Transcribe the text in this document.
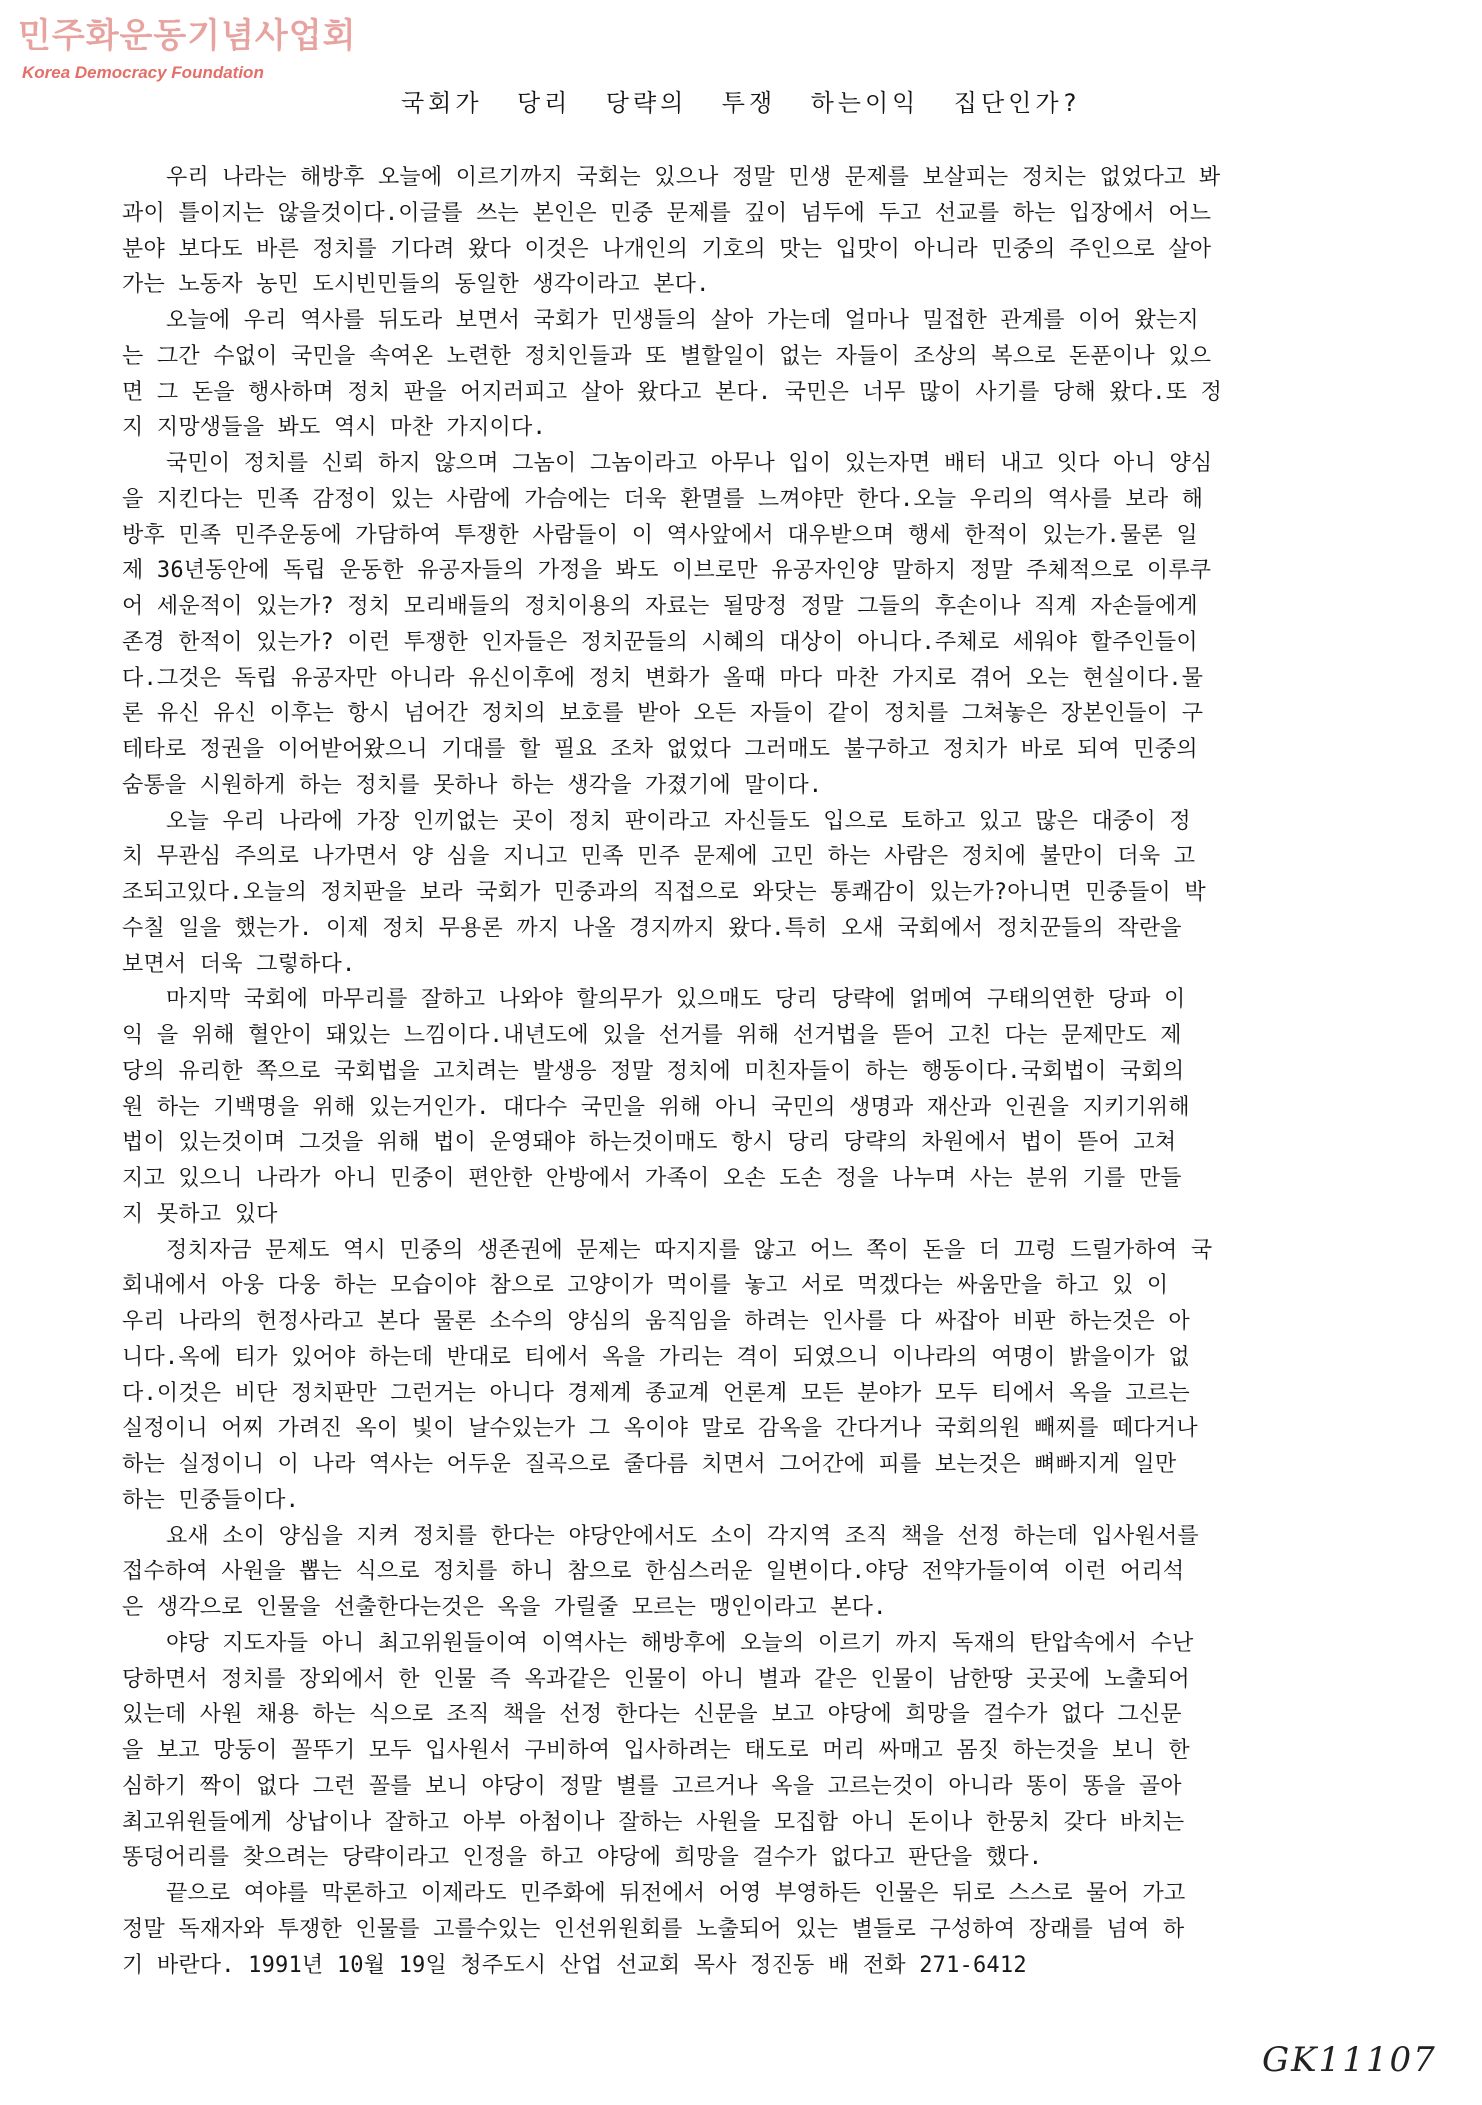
민주화운동기념사업회
Korea Democracy Foundation
국회가 당리 당략의 투쟁 하는이익 집단인가?
우리 나라는 해방후 오늘에 이르기까지 국회는 있으나 정말 민생 문제를 보살피는 정치는 없었다고 봐
과이 틀이지는 않을것이다.이글를 쓰는 본인은 민중 문제를 깊이 넘두에 두고 선교를 하는 입장에서 어느
분야 보다도 바른 정치를 기다려 왔다 이것은 나개인의 기호의 맛는 입맛이 아니라 민중의 주인으로 살아
가는 노동자 농민 도시빈민들의 동일한 생각이라고 본다.
오늘에 우리 역사를 뒤도라 보면서 국회가 민생들의 살아 가는데 얼마나 밀접한 관계를 이어 왔는지
는 그간 수없이 국민을 속여온 노련한 정치인들과 또 별할일이 없는 자들이 조상의 복으로 돈푼이나 있으
면 그 돈을 행사하며 정치 판을 어지러피고 살아 왔다고 본다. 국민은 너무 많이 사기를 당해 왔다.또 정
지 지망생들을 봐도 역시 마찬 가지이다.
국민이 정치를 신뢰 하지 않으며 그놈이 그놈이라고 아무나 입이 있는자면 배터 내고 잇다 아니 양심
을 지킨다는 민족 감정이 있는 사람에 가슴에는 더욱 환멸를 느껴야만 한다.오늘 우리의 역사를 보라 해
방후 민족 민주운동에 가담하여 투쟁한 사람들이 이 역사앞에서 대우받으며 행세 한적이 있는가.물론 일
제 36년동안에 독립 운동한 유공자들의 가정을 봐도 이브로만 유공자인양 말하지 정말 주체적으로 이루쿠
어 세운적이 있는가? 정치 모리배들의 정치이용의 자료는 될망정 정말 그들의 후손이나 직계 자손들에게
존경 한적이 있는가? 이런 투쟁한 인자들은 정치꾼들의 시혜의 대상이 아니다.주체로 세워야 할주인들이
다.그것은 독립 유공자만 아니라 유신이후에 정치 변화가 올때 마다 마찬 가지로 겪어 오는 현실이다.물
론 유신 유신 이후는 항시 넘어간 정치의 보호를 받아 오든 자들이 같이 정치를 그쳐놓은 장본인들이 구
테타로 정권을 이어받어왔으니 기대를 할 필요 조차 없었다 그러매도 불구하고 정치가 바로 되여 민중의
숨통을 시원하게 하는 정치를 못하나 하는 생각을 가졌기에 말이다.
오늘 우리 나라에 가장 인끼없는 곳이 정치 판이라고 자신들도 입으로 토하고 있고 많은 대중이 정
치 무관심 주의로 나가면서 양 심을 지니고 민족 민주 문제에 고민 하는 사람은 정치에 불만이 더욱 고
조되고있다.오늘의 정치판을 보라 국회가 민중과의 직접으로 와닷는 통쾌감이 있는가?아니면 민중들이 박
수칠 일을 했는가. 이제 정치 무용론 까지 나올 경지까지 왔다.특히 오새 국회에서 정치꾼들의 작란을
보면서 더욱 그렇하다.
마지막 국회에 마무리를 잘하고 나와야 할의무가 있으매도 당리 당략에 얽메여 구태의연한 당파 이
익 을 위해 혈안이 돼있는 느낌이다.내년도에 있을 선거를 위해 선거법을 뜯어 고친 다는 문제만도 제
당의 유리한 쪽으로 국회법을 고치려는 발생응 정말 정치에 미친자들이 하는 행동이다.국회법이 국회의
원 하는 기백명을 위해 있는거인가. 대다수 국민을 위해 아니 국민의 생명과 재산과 인권을 지키기위해
법이 있는것이며 그것을 위해 법이 운영돼야 하는것이매도 항시 당리 당략의 차원에서 법이 뜯어 고쳐
지고 있으니 나라가 아니 민중이 편안한 안방에서 가족이 오손 도손 정을 나누며 사는 분위 기를 만들
지 못하고 있다
정치자금 문제도 역시 민중의 생존권에 문제는 따지지를 않고 어느 쪽이 돈을 더 끄렁 드릴가하여 국
회내에서 아웅 다웅 하는 모습이야 참으로 고양이가 먹이를 놓고 서로 먹겠다는 싸움만을 하고 있 이
우리 나라의 헌정사라고 본다 물론 소수의 양심의 움직임을 하려는 인사를 다 싸잡아 비판 하는것은 아
니다.옥에 티가 있어야 하는데 반대로 티에서 옥을 가리는 격이 되였으니 이나라의 여명이 밝을이가 없
다.이것은 비단 정치판만 그런거는 아니다 경제계 종교계 언론계 모든 분야가 모두 티에서 옥을 고르는
실정이니 어찌 가려진 옥이 빛이 날수있는가 그 옥이야 말로 감옥을 간다거나 국회의원 빼찌를 떼다거나
하는 실정이니 이 나라 역사는 어두운 질곡으로 줄다름 치면서 그어간에 피를 보는것은 뼈빠지게 일만
하는 민중들이다.
요새 소이 양심을 지켜 정치를 한다는 야당안에서도 소이 각지역 조직 책을 선정 하는데 입사원서를
접수하여 사원을 뽑는 식으로 정치를 하니 참으로 한심스러운 일변이다.야당 전약가들이여 이런 어리석
은 생각으로 인물을 선출한다는것은 옥을 가릴줄 모르는 맹인이라고 본다.
야당 지도자들 아니 최고위원들이여 이역사는 해방후에 오늘의 이르기 까지 독재의 탄압속에서 수난
당하면서 정치를 장외에서 한 인물 즉 옥과같은 인물이 아니 별과 같은 인물이 남한땅 곳곳에 노출되어
있는데 사원 채용 하는 식으로 조직 책을 선정 한다는 신문을 보고 야당에 희망을 걸수가 없다 그신문
을 보고 망둥이 꼴뚜기 모두 입사원서 구비하여 입사하려는 태도로 머리 싸매고 몸짓 하는것을 보니 한
심하기 짝이 없다 그런 꼴를 보니 야당이 정말 별를 고르거나 옥을 고르는것이 아니라 똥이 똥을 골아
최고위원들에게 상납이나 잘하고 아부 아첨이나 잘하는 사원을 모집함 아니 돈이나 한뭉치 갖다 바치는
똥덩어리를 찾으려는 당략이라고 인정을 하고 야당에 희망을 걸수가 없다고 판단을 했다.
끝으로 여야를 막론하고 이제라도 민주화에 뒤전에서 어영 부영하든 인물은 뒤로 스스로 물어 가고
정말 독재자와 투쟁한 인물를 고를수있는 인선위원회를 노출되어 있는 별들로 구성하여 장래를 넘여 하
기 바란다. 1991년 10월 19일 청주도시 산업 선교회 목사 정진동 배 전화 271-6412
GK11107
